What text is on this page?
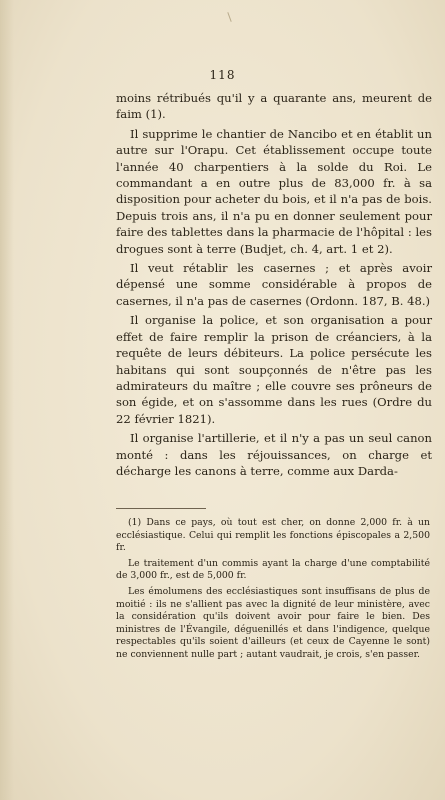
118

moins rétribués qu'il y a quarante ans, meurent de faim (1).

Il supprime le chantier de Nancibo et en établit un autre sur l'Orapu. Cet établissement occupe toute l'année 40 charpentiers à la solde du Roi. Le commandant a en outre plus de 83,000 fr. à sa disposition pour acheter du bois, et il n'a pas de bois. Depuis trois ans, il n'a pu en donner seulement pour faire des tablettes dans la pharmacie de l'hôpital : les drogues sont à terre (Budjet, ch. 4, art. 1 et 2).

Il veut rétablir les casernes ; et après avoir dépensé une somme considérable à propos de casernes, il n'a pas de casernes (Ordonn. 187, B. 48.)

Il organise la police, et son organisation a pour effet de faire remplir la prison de créanciers, à la requête de leurs débiteurs. La police persécute les habitans qui sont soupçonnés de n'être pas les admirateurs du maître ; elle couvre ses prôneurs de son égide, et on s'assomme dans les rues (Ordre du 22 février 1821).

Il organise l'artillerie, et il n'y a pas un seul canon monté : dans les réjouissances, on charge et décharge les canons à terre, comme aux Darda-

(1) Dans ce pays, où tout est cher, on donne 2,000 fr. à un ecclésiastique. Celui qui remplit les fonctions épiscopales a 2,500 fr.

Le traitement d'un commis ayant la charge d'une comptabilité de 3,000 fr., est de 5,000 fr.

Les émolumens des ecclésiastiques sont insuffisans de plus de moitié : ils ne s'allient pas avec la dignité de leur ministère, avec la considération qu'ils doivent avoir pour faire le bien. Des ministres de l'Évangile, déguenillés et dans l'indigence, quelque respectables qu'ils soient d'ailleurs (et ceux de Cayenne le sont) ne conviennent nulle part ; autant vaudrait, je crois, s'en passer.
